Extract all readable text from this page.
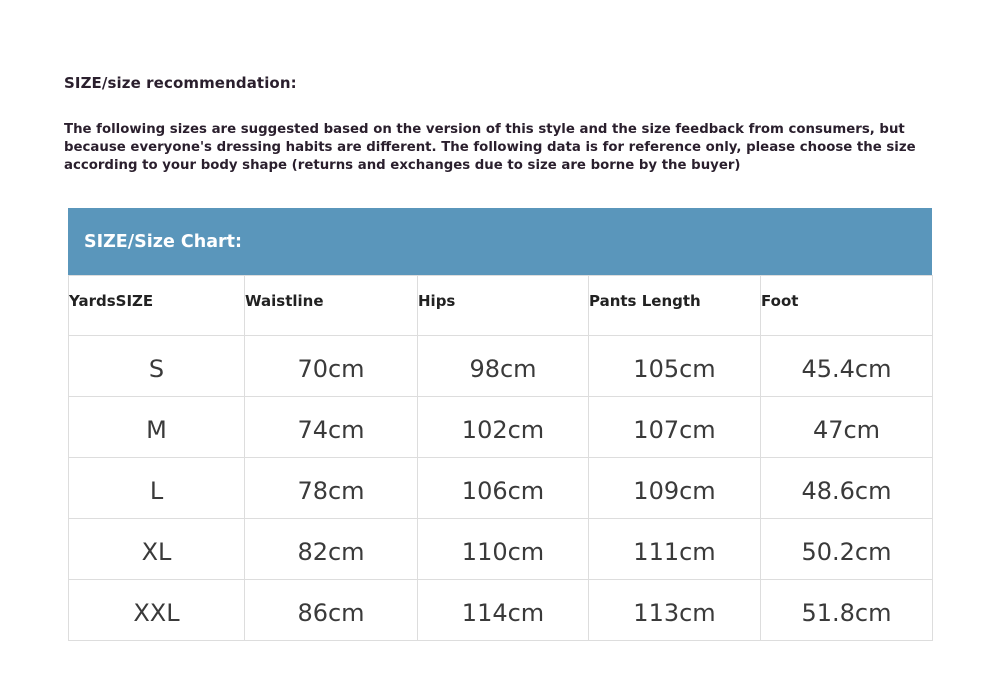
SIZE/size recommendation:
The following sizes are suggested based on the version of this style and the size feedback from consumers, but
because everyone's dressing habits are different. The following data is for reference only, please choose the size
according to your body shape (returns and exchanges due to size are borne by the buyer)
SIZE/Size Chart:
YardsSIZE	Waistline	Hips	Pants Length	Foot
S	70cm	98cm	105cm	45.4cm
M	74cm	102cm	107cm	47cm
L	78cm	106cm	109cm	48.6cm
XL	82cm	110cm	111cm	50.2cm
XXL	86cm	114cm	113cm	51.8cm
